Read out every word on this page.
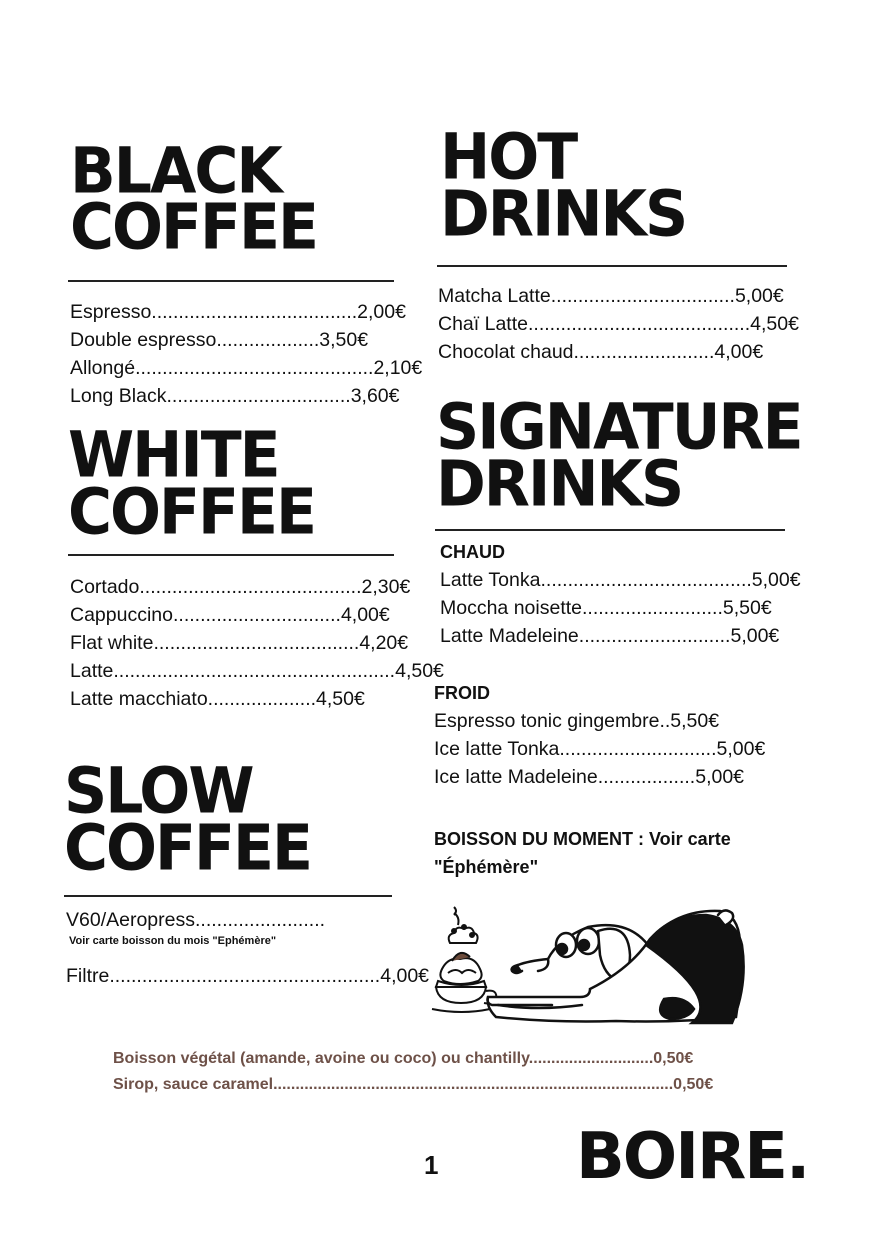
BLACK
COFFEE
Espresso......................................2,00€
Double espresso...................3,50€
Allongé............................................2,10€
Long Black..................................3,60€
WHITE
COFFEE
Cortado.........................................2,30€
Cappuccino...............................4,00€
Flat white......................................4,20€
Latte....................................................4,50€
Latte macchiato....................4,50€
SLOW
COFFEE
V60/Aeropress........................
Voir carte boisson du mois "Ephémère"
Filtre..................................................4,00€
HOT
DRINKS
Matcha Latte..................................5,00€
Chaï Latte.........................................4,50€
Chocolat chaud..........................4,00€
SIGNATURE
DRINKS
CHAUD
Latte Tonka.......................................5,00€
Moccha noisette..........................5,50€
Latte Madeleine............................5,00€
FROID
Espresso tonic gingembre..5,50€
Ice latte Tonka.............................5,00€
Ice latte Madeleine..................5,00€
BOISSON DU MOMENT : Voir carte
"Éphémère"
Boisson végétal (amande, avoine ou coco) ou chantilly............................0,50€
Sirop, sauce caramel..........................................................................................0,50€
1 BOIRE.
